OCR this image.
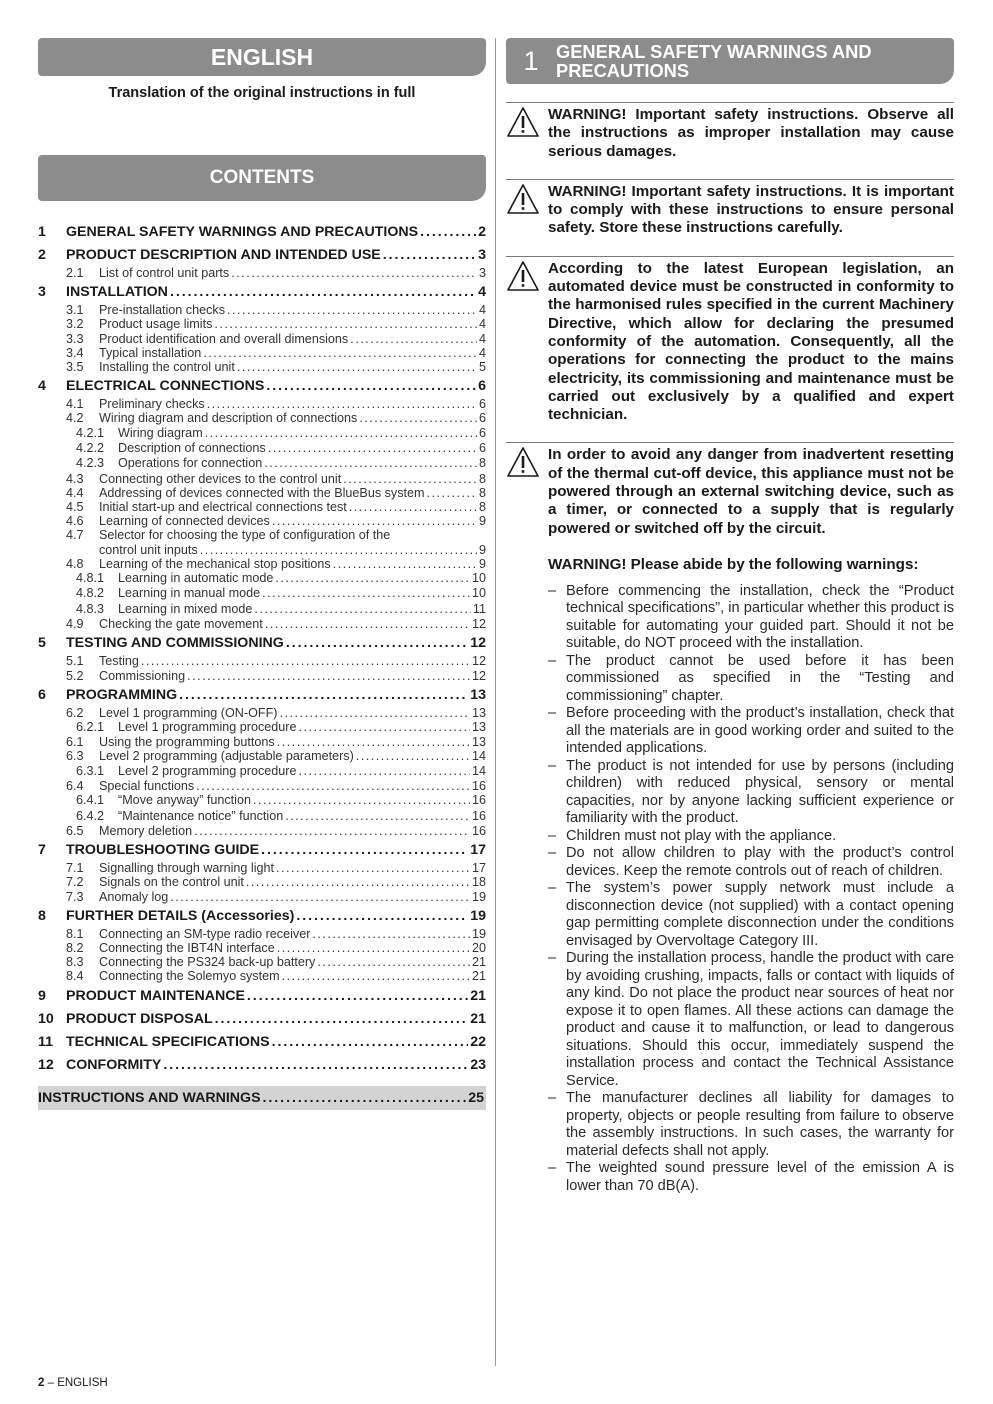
ENGLISH
Translation of the original instructions in full
CONTENTS
1	GENERAL SAFETY WARNINGS AND PRECAUTIONS . . .	2
2	PRODUCT DESCRIPTION AND INTENDED USE . . .	3
2.1	List of control unit parts . . .	3
3	INSTALLATION . . .	4
3.1	Pre-installation checks . . .	4
3.2	Product usage limits . . .	4
3.3	Product identification and overall dimensions . . .	4
3.4	Typical installation . . .	4
3.5	Installing the control unit . . .	5
4	ELECTRICAL CONNECTIONS . . .	6
4.1	Preliminary checks . . .	6
4.2	Wiring diagram and description of connections . . .	6
4.2.1	Wiring diagram . . .	6
4.2.2	Description of connections . . .	6
4.2.3	Operations for connection . . .	8
4.3	Connecting other devices to the control unit . . .	8
4.4	Addressing of devices connected with the BlueBus system . . .	8
4.5	Initial start-up and electrical connections test . . .	8
4.6	Learning of connected devices . . .	9
4.7	Selector for choosing the type of configuration of the
control unit inputs . . .	9
4.8	Learning of the mechanical stop positions . . .	9
4.8.1	Learning in automatic mode . . .	10
4.8.2	Learning in manual mode . . .	10
4.8.3	Learning in mixed mode . . .	11
4.9	Checking the gate movement . . .	12
5	TESTING AND COMMISSIONING . . .	12
5.1	Testing . . .	12
5.2	Commissioning . . .	12
6	PROGRAMMING . . .	13
6.2	Level 1 programming (ON-OFF) . . .	13
6.2.1	Level 1 programming procedure . . .	13
6.1	Using the programming buttons . . .	13
6.3	Level 2 programming (adjustable parameters) . . .	14
6.3.1	Level 2 programming procedure . . .	14
6.4	Special functions . . .	16
6.4.1	“Move anyway” function . . .	16
6.4.2	“Maintenance notice” function . . .	16
6.5	Memory deletion . . .	16
7	TROUBLESHOOTING GUIDE . . .	17
7.1	Signalling through warning light . . .	17
7.2	Signals on the control unit . . .	18
7.3	Anomaly log . . .	19
8	FURTHER DETAILS (Accessories) . . .	19
8.1	Connecting an SM-type radio receiver . . .	19
8.2	Connecting the IBT4N interface . . .	20
8.3	Connecting the PS324 back-up battery . . .	21
8.4	Connecting the Solemyo system . . .	21
9	PRODUCT MAINTENANCE . . .	21
10 PRODUCT DISPOSAL . . .	21
11 TECHNICAL SPECIFICATIONS . . .	22
12 CONFORMITY . . .	23
INSTRUCTIONS AND WARNINGS . . .	25
1 GENERAL SAFETY WARNINGS AND
PRECAUTIONS
WARNING! Important safety instructions. Observe all the instructions as improper installation may cause serious damages.
WARNING! Important safety instructions. It is important to comply with these instructions to ensure personal safety. Store these instructions carefully.
According to the latest European legislation, an automated device must be constructed in conformity to the harmonised rules specified in the current Machinery Directive, which allow for declaring the presumed conformity of the automation. Consequently, all the operations for connecting the product to the mains electricity, its commissioning and maintenance must be carried out exclusively by a qualified and expert technician.
In order to avoid any danger from inadvertent resetting of the thermal cut-off device, this appliance must not be powered through an external switching device, such as a timer, or connected to a supply that is regularly powered or switched off by the circuit.
WARNING! Please abide by the following warnings:
– Before commencing the installation, check the “Product technical specifications”, in particular whether this product is suitable for automating your guided part. Should it not be suitable, do NOT proceed with the installation.
– The product cannot be used before it has been commissioned as specified in the “Testing and commissioning” chapter.
– Before proceeding with the product’s installation, check that all the materials are in good working order and suited to the intended applications.
– The product is not intended for use by persons (including children) with reduced physical, sensory or mental capacities, nor by anyone lacking sufficient experience or familiarity with the product.
– Children must not play with the appliance.
– Do not allow children to play with the product’s control devices. Keep the remote controls out of reach of children.
– The system’s power supply network must include a disconnection device (not supplied) with a contact opening gap permitting complete disconnection under the conditions envisaged by Overvoltage Category III.
– During the installation process, handle the product with care by avoiding crushing, impacts, falls or contact with liquids of any kind. Do not place the product near sources of heat nor expose it to open flames. All these actions can damage the product and cause it to malfunction, or lead to dangerous situations. Should this occur, immediately suspend the installation process and contact the Technical Assistance Service.
– The manufacturer declines all liability for damages to property, objects or people resulting from failure to observe the assembly instructions. In such cases, the warranty for material defects shall not apply.
– The weighted sound pressure level of the emission A is lower than 70 dB(A).
2 – ENGLISH
